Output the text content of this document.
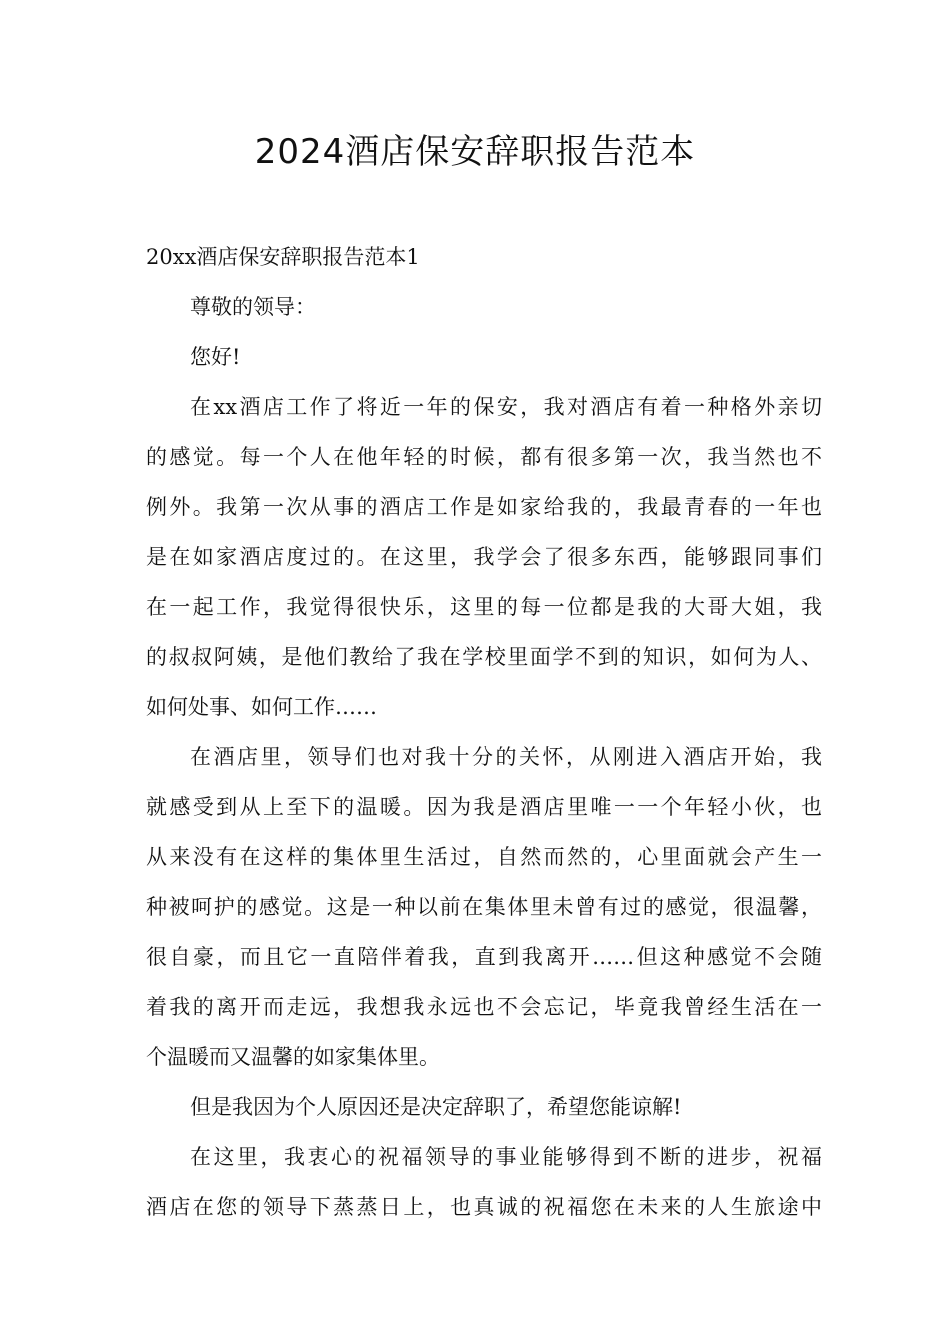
2024酒店保安辞职报告范本

20xx酒店保安辞职报告范本1

尊敬的领导：

您好!

在xx酒店工作了将近一年的保安，我对酒店有着一种格外亲切

的感觉。每一个人在他年轻的时候，都有很多第一次，我当然也不

例外。我第一次从事的酒店工作是如家给我的，我最青春的一年也

是在如家酒店度过的。在这里，我学会了很多东西，能够跟同事们

在一起工作，我觉得很快乐，这里的每一位都是我的大哥大姐，我

的叔叔阿姨，是他们教给了我在学校里面学不到的知识，如何为人、

如何处事、如何工作……

在酒店里，领导们也对我十分的关怀，从刚进入酒店开始，我

就感受到从上至下的温暖。因为我是酒店里唯一一个年轻小伙，也

从来没有在这样的集体里生活过，自然而然的，心里面就会产生一

种被呵护的感觉。这是一种以前在集体里未曾有过的感觉，很温馨，

很自豪，而且它一直陪伴着我，直到我离开……但这种感觉不会随

着我的离开而走远，我想我永远也不会忘记，毕竟我曾经生活在一

个温暖而又温馨的如家集体里。

但是我因为个人原因还是决定辞职了，希望您能谅解!

在这里，我衷心的祝福领导的事业能够得到不断的进步，祝福

酒店在您的领导下蒸蒸日上，也真诚的祝福您在未来的人生旅途中
